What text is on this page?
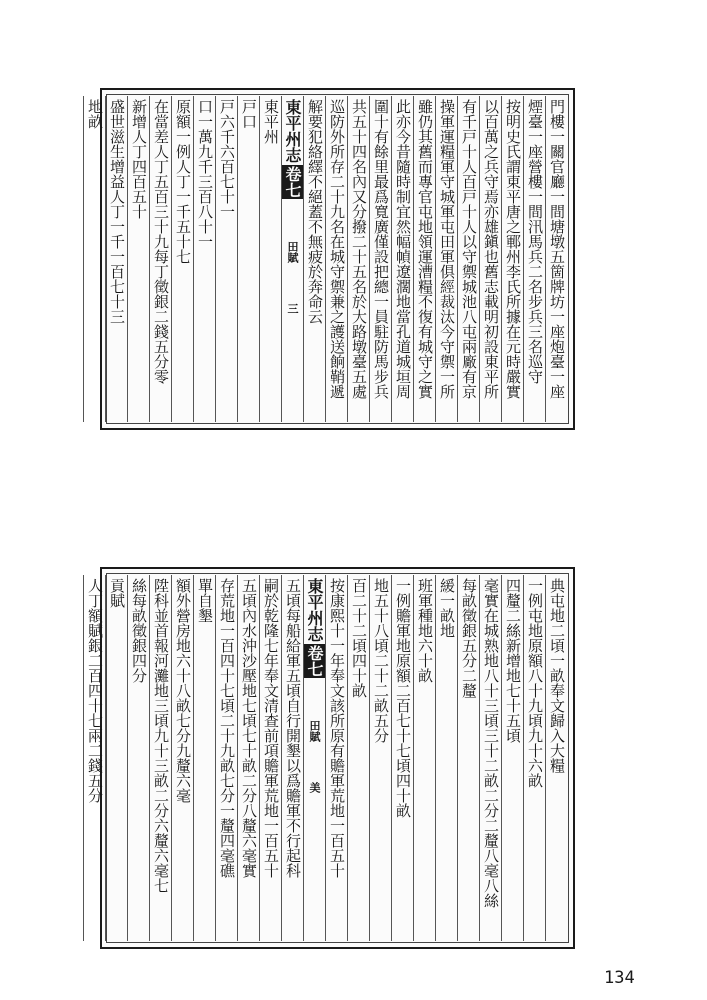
門樓一關官廳一間塘墩五箇牌坊一座炮臺一座
煙臺一座營樓一間汛馬兵二名步兵三名巡守
按明史氏謂東平唐之鄆州李氏所據在元時嚴實
以百萬之兵守焉亦雄鎭也舊志載明初設東平所
有千戸十人百戸十人以守禦城池八屯兩廠有京
操軍運糧軍守城軍屯田軍俱經裁汰今守禦一所
雖仍其舊而專官屯地領運漕糧不復有城守之實
此亦今昔隨時制宜然幅幀遼濶地當孔道城垣周
圍十有餘里最爲寬廣僅設把總一員駐防馬步兵
共五十四名內又分撥二十五名於大路墩臺五處
巡防外所存二十九名在城守禦兼之護送餉鞘遞
解要犯絡繹不絕蓋不無疲於奔命云
東平州志卷七田賦三
東平州
戸口
戸六千六百七十一
口一萬九千三百八十一
原額一例人丁一千五十七
在當差人丁五百三十九每丁徵銀二錢五分零
新增人丁四百五十
盛世滋生增益人丁一千一百七十三
地畝
典屯地二頃一畝奉文歸入大糧
一例屯地原額八十九頃九十六畝
四釐二絲新增地七十五頃
毫實在城熟地八十三頃三十二畝二分二釐八毫八絲
每畝徵銀五分二釐
緩一畝地
班軍種地六十畝
一例贍軍地原額二百七十七頃四十畝
地五十八頃二十二畝五分
百二十二頃四十畝
按康熙十一年奉文該所原有贍軍荒地一百五十
東平州志卷七田賦美
五頃每船給軍五頃自行開墾以爲贍軍不行起科
嗣於乾隆七年奉文清查前項贍軍荒地一百五十
五頃內水沖沙壓地七頃七十畝二分八釐六毫實
存荒地一百四十七頃二十九畝七分一釐四毫礁
單自墾
額外營房地六十八畝七分九釐六毫
陞科並首報河灘地三頃九十三畝二分六釐六毫七
絲每畝徵銀四分
貢賦
人丁額賦銀二百四十七兩二錢五分
134
